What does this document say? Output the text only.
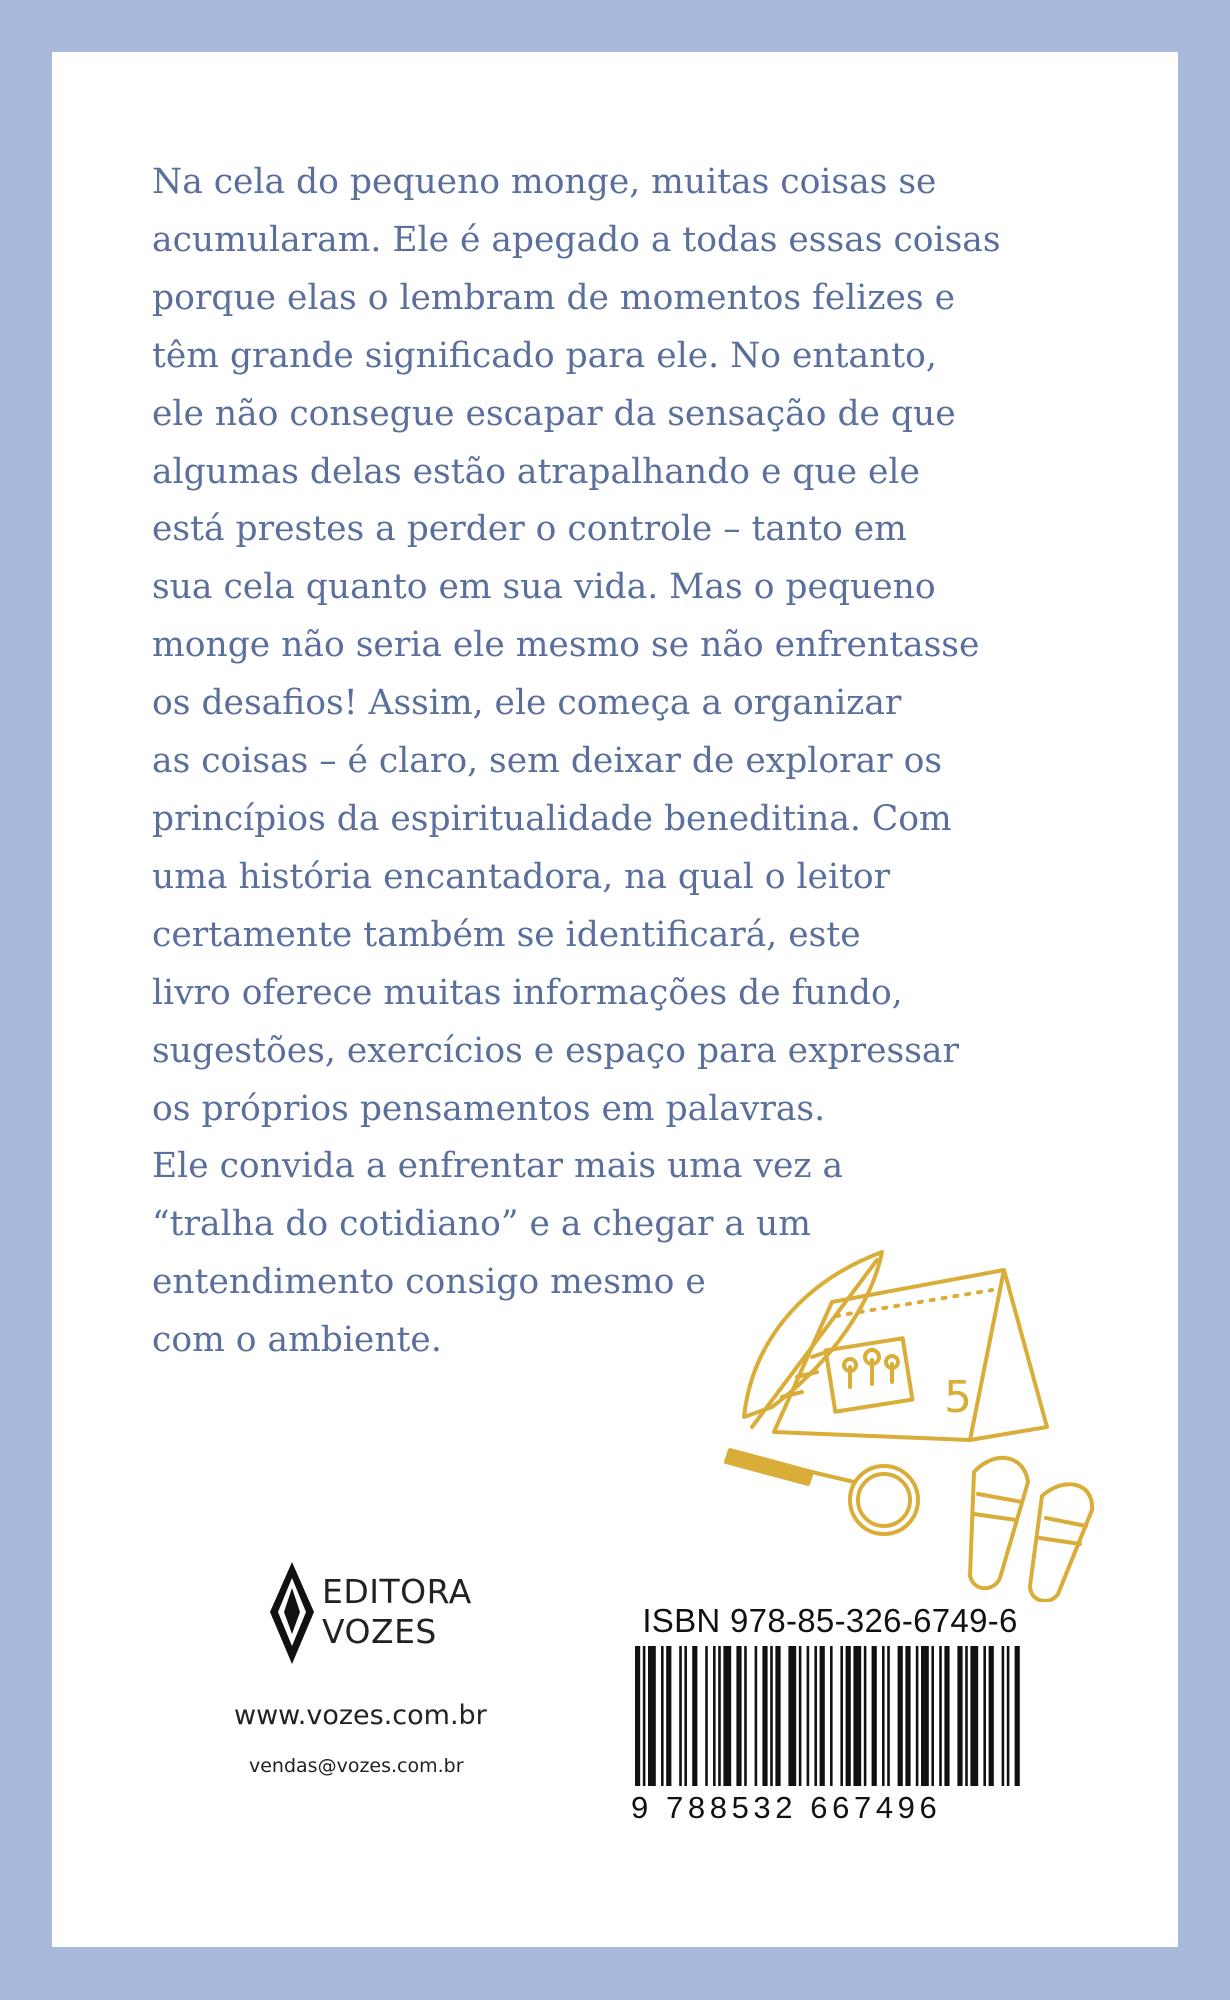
Na cela do pequeno monge, muitas coisas se
acumularam. Ele é apegado a todas essas coisas
porque elas o lembram de momentos felizes e
têm grande significado para ele. No entanto,
ele não consegue escapar da sensação de que
algumas delas estão atrapalhando e que ele
está prestes a perder o controle – tanto em
sua cela quanto em sua vida. Mas o pequeno
monge não seria ele mesmo se não enfrentasse
os desafios! Assim, ele começa a organizar
as coisas – é claro, sem deixar de explorar os
princípios da espiritualidade beneditina. Com
uma história encantadora, na qual o leitor
certamente também se identificará, este
livro oferece muitas informações de fundo,
sugestões, exercícios e espaço para expressar
os próprios pensamentos em palavras.
Ele convida a enfrentar mais uma vez a
“tralha do cotidiano” e a chegar a um
entendimento consigo mesmo e
com o ambiente.
5
EDITORA
VOZES
www.vozes.com.br
vendas@vozes.com.br
ISBN 978-85-326-6749-6
9 788532 667496
